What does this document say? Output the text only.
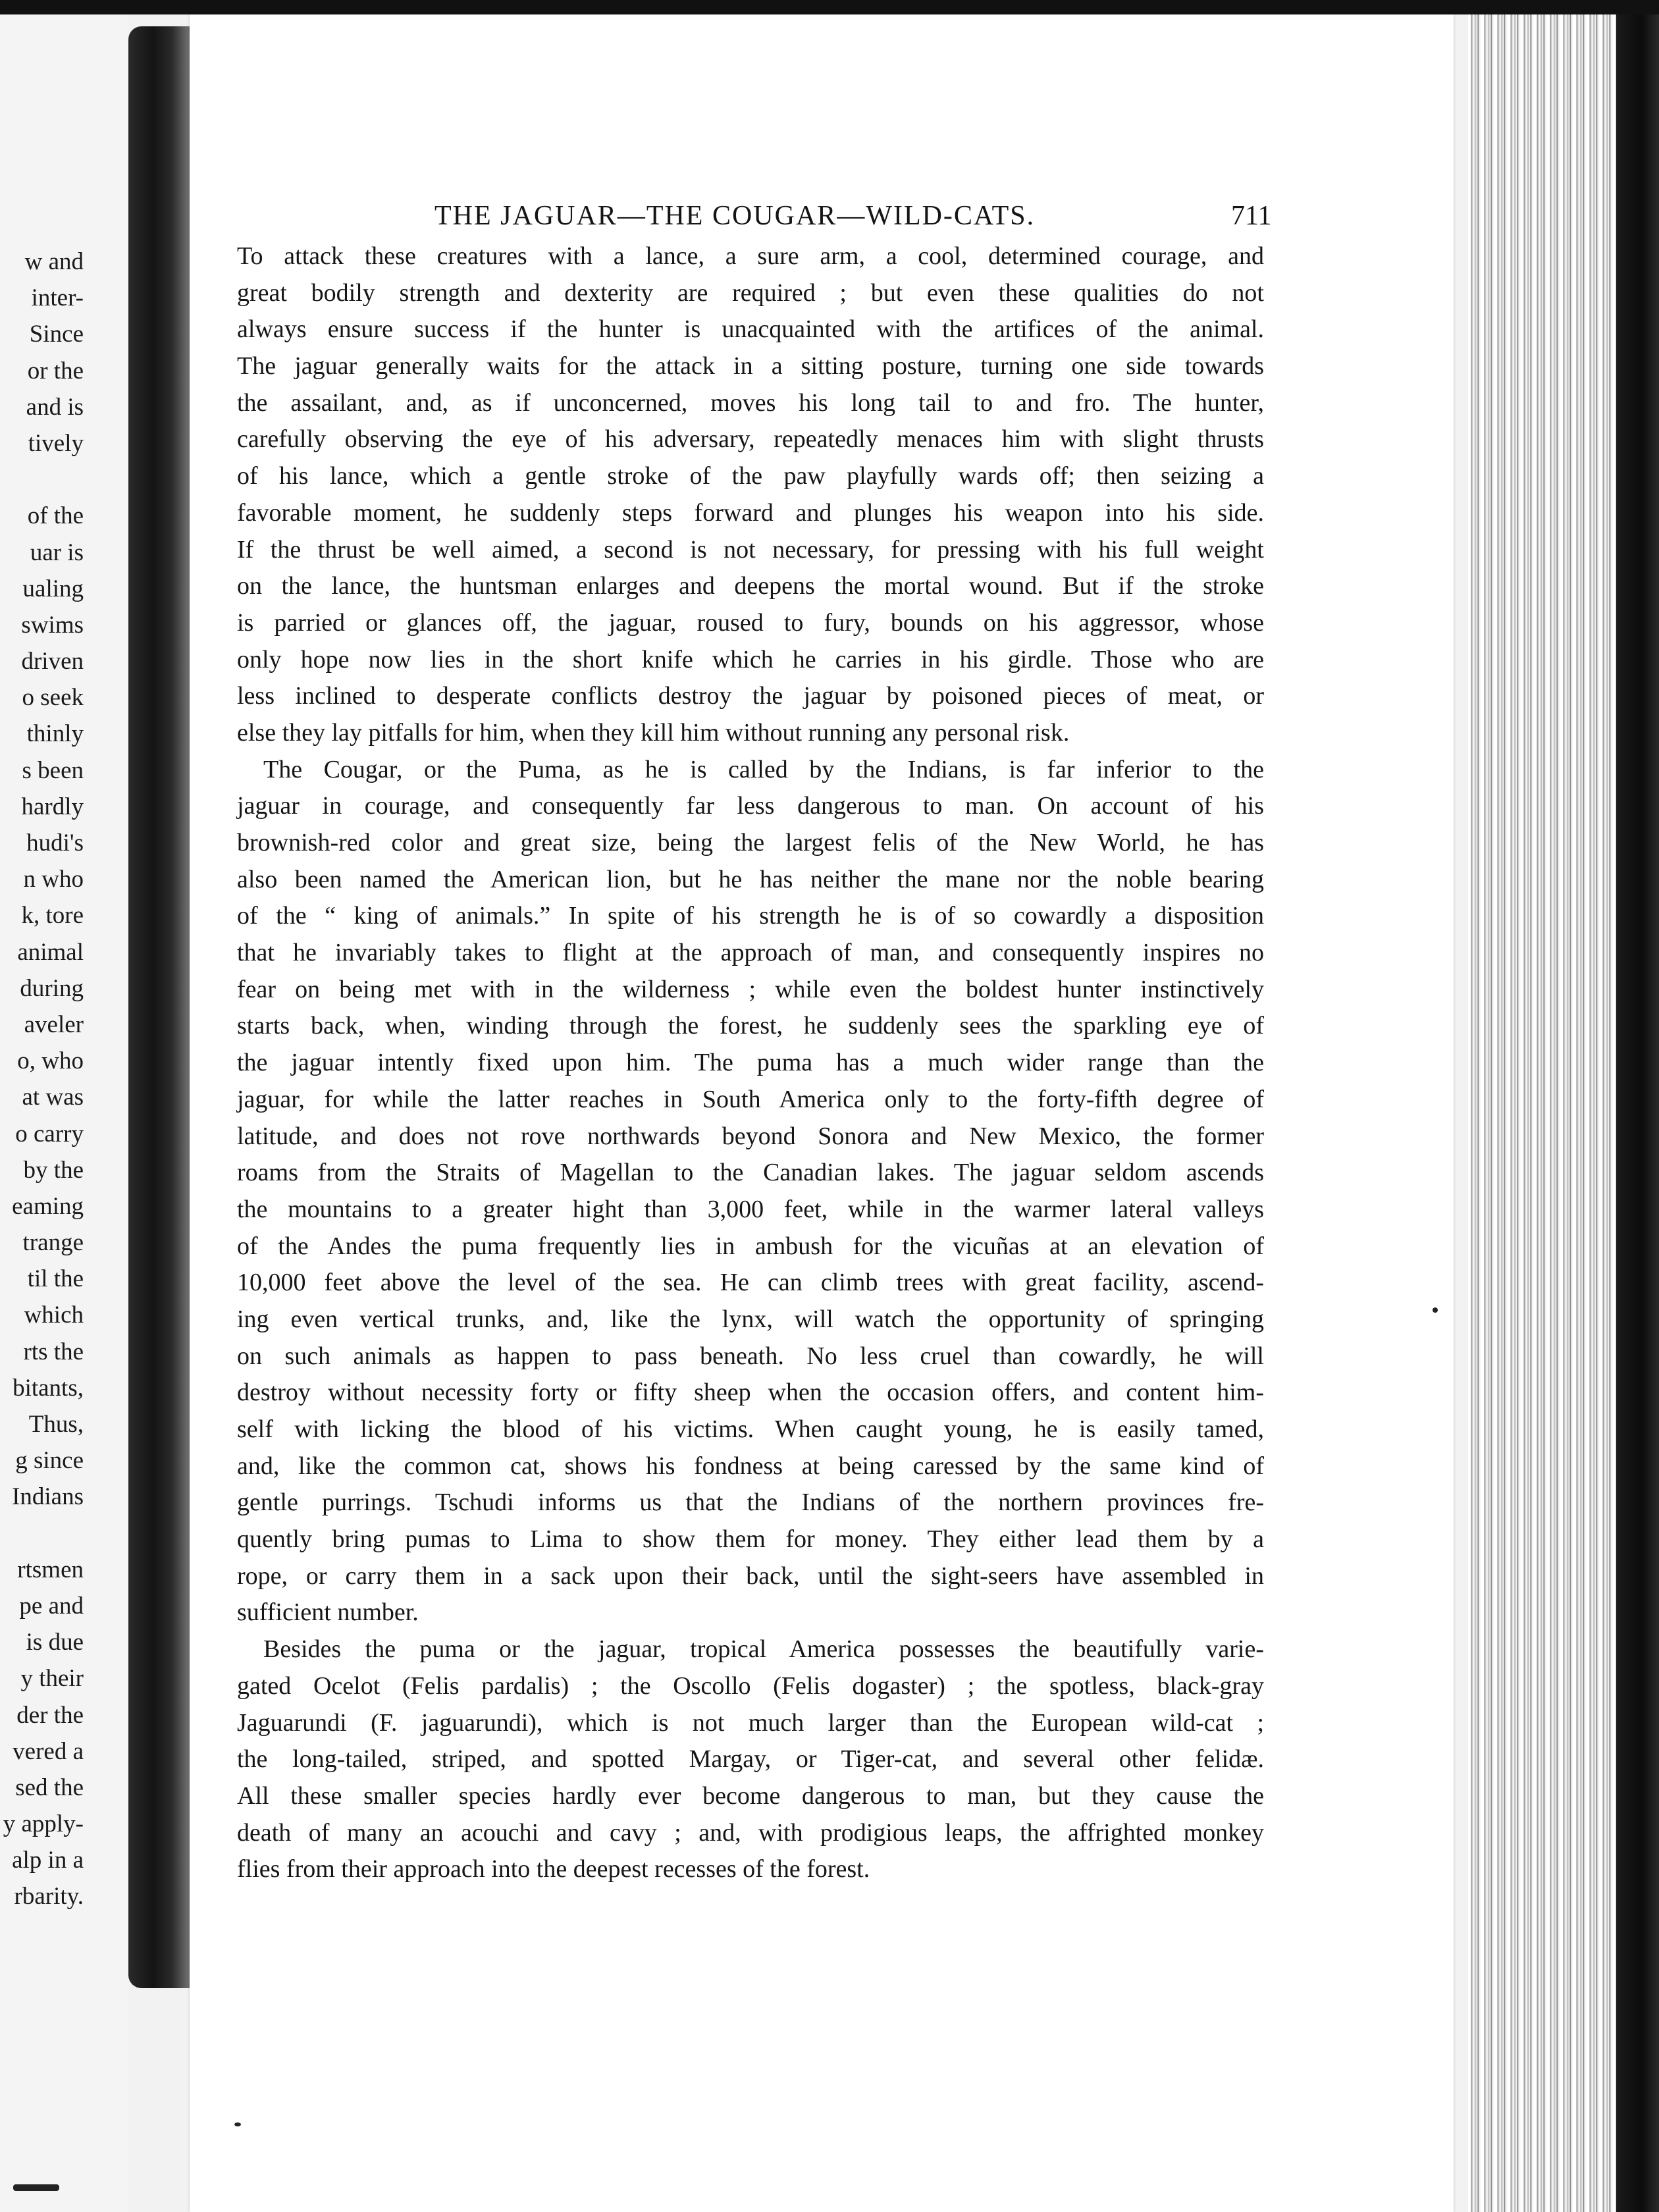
w and
inter-
Since
or the
and is
tively
of the
uar is
ualing
swims
driven
o seek
thinly
s been
hardly
hudi's
n who
k, tore
animal
during
aveler
o, who
at was
o carry
by the
eaming
trange
til the
which
rts the
bitants,
Thus,
g since
Indians
rtsmen
pe and
is due
y their
der the
vered a
sed the
y apply-
alp in a
rbarity.
THE JAGUAR—THE COUGAR—WILD-CATS.	711
To attack these creatures with a lance, a sure arm, a cool, determined courage, and
great bodily strength and dexterity are required ; but even these qualities do not
always ensure success if the hunter is unacquainted with the artifices of the animal.
The jaguar generally waits for the attack in a sitting posture, turning one side towards
the assailant, and, as if unconcerned, moves his long tail to and fro. The hunter,
carefully observing the eye of his adversary, repeatedly menaces him with slight thrusts
of his lance, which a gentle stroke of the paw playfully wards off; then seizing a
favorable moment, he suddenly steps forward and plunges his weapon into his side.
If the thrust be well aimed, a second is not necessary, for pressing with his full weight
on the lance, the huntsman enlarges and deepens the mortal wound. But if the stroke
is parried or glances off, the jaguar, roused to fury, bounds on his aggressor, whose
only hope now lies in the short knife which he carries in his girdle. Those who are
less inclined to desperate conflicts destroy the jaguar by poisoned pieces of meat, or
else they lay pitfalls for him, when they kill him without running any personal risk.
The Cougar, or the Puma, as he is called by the Indians, is far inferior to the
jaguar in courage, and consequently far less dangerous to man. On account of his
brownish-red color and great size, being the largest felis of the New World, he has
also been named the American lion, but he has neither the mane nor the noble bearing
of the “ king of animals.” In spite of his strength he is of so cowardly a disposition
that he invariably takes to flight at the approach of man, and consequently inspires no
fear on being met with in the wilderness ; while even the boldest hunter instinctively
starts back, when, winding through the forest, he suddenly sees the sparkling eye of
the jaguar intently fixed upon him. The puma has a much wider range than the
jaguar, for while the latter reaches in South America only to the forty-fifth degree of
latitude, and does not rove northwards beyond Sonora and New Mexico, the former
roams from the Straits of Magellan to the Canadian lakes. The jaguar seldom ascends
the mountains to a greater hight than 3,000 feet, while in the warmer lateral valleys
of the Andes the puma frequently lies in ambush for the vicuñas at an elevation of
10,000 feet above the level of the sea. He can climb trees with great facility, ascend-
ing even vertical trunks, and, like the lynx, will watch the opportunity of springing
on such animals as happen to pass beneath. No less cruel than cowardly, he will
destroy without necessity forty or fifty sheep when the occasion offers, and content him-
self with licking the blood of his victims. When caught young, he is easily tamed,
and, like the common cat, shows his fondness at being caressed by the same kind of
gentle purrings. Tschudi informs us that the Indians of the northern provinces fre-
quently bring pumas to Lima to show them for money. They either lead them by a
rope, or carry them in a sack upon their back, until the sight-seers have assembled in
sufficient number.
Besides the puma or the jaguar, tropical America possesses the beautifully varie-
gated Ocelot (Felis pardalis) ; the Oscollo (Felis dogaster) ; the spotless, black-gray
Jaguarundi (F. jaguarundi), which is not much larger than the European wild-cat ;
the long-tailed, striped, and spotted Margay, or Tiger-cat, and several other felidæ.
All these smaller species hardly ever become dangerous to man, but they cause the
death of many an acouchi and cavy ; and, with prodigious leaps, the affrighted monkey
flies from their approach into the deepest recesses of the forest.
